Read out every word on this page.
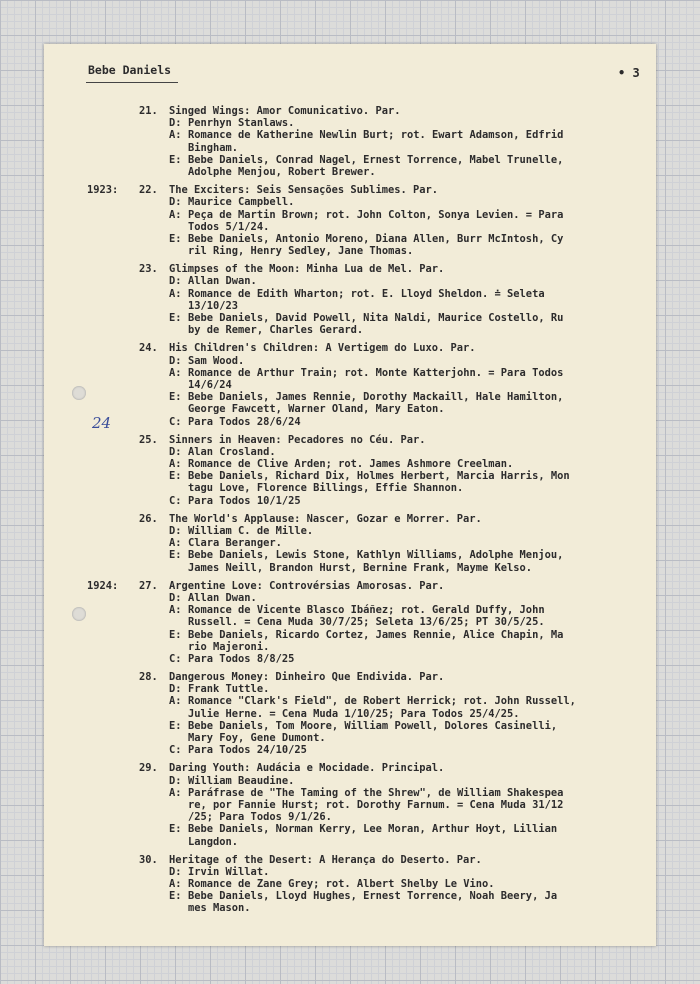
Bebe Daniels	• 3
21. Singed Wings: Amor Comunicativo. Par.
D: Penrhyn Stanlaws.
A: Romance de Katherine Newlin Burt; rot. Ewart Adamson, Edfrid
Bingham.
E: Bebe Daniels, Conrad Nagel, Ernest Torrence, Mabel Trunelle,
Adolphe Menjou, Robert Brewer.
1923: 22. The Exciters: Seis Sensações Sublimes. Par.
D: Maurice Campbell.
A: Peça de Martin Brown; rot. John Colton, Sonya Levien. = Para
Todos 5/1/24.
E: Bebe Daniels, Antonio Moreno, Diana Allen, Burr McIntosh, Cy
ril Ring, Henry Sedley, Jane Thomas.
23. Glimpses of the Moon: Minha Lua de Mel. Par.
D: Allan Dwan.
A: Romance de Edith Wharton; rot. E. Lloyd Sheldon. ≐ Seleta
13/10/23
E: Bebe Daniels, David Powell, Nita Naldi, Maurice Costello, Ru
by de Remer, Charles Gerard.
24. His Children's Children: A Vertigem do Luxo. Par.
D: Sam Wood.
A: Romance de Arthur Train; rot. Monte Katterjohn. = Para Todos
14/6/24
E: Bebe Daniels, James Rennie, Dorothy Mackaill, Hale Hamilton,
George Fawcett, Warner Oland, Mary Eaton.
C: Para Todos 28/6/24
25. Sinners in Heaven: Pecadores no Céu. Par.
D: Alan Crosland.
A: Romance de Clive Arden; rot. James Ashmore Creelman.
E: Bebe Daniels, Richard Dix, Holmes Herbert, Marcia Harris, Mon
tagu Love, Florence Billings, Effie Shannon.
C: Para Todos 10/1/25
26. The World's Applause: Nascer, Gozar e Morrer. Par.
D: William C. de Mille.
A: Clara Beranger.
E: Bebe Daniels, Lewis Stone, Kathlyn Williams, Adolphe Menjou,
James Neill, Brandon Hurst, Bernine Frank, Mayme Kelso.
1924: 27. Argentine Love: Controvérsias Amorosas. Par.
D: Allan Dwan.
A: Romance de Vicente Blasco Ibáñez; rot. Gerald Duffy, John
Russell. = Cena Muda 30/7/25; Seleta 13/6/25; PT 30/5/25.
E: Bebe Daniels, Ricardo Cortez, James Rennie, Alice Chapin, Ma
rio Majeroni.
C: Para Todos 8/8/25
28. Dangerous Money: Dinheiro Que Endivida. Par.
D: Frank Tuttle.
A: Romance "Clark's Field", de Robert Herrick; rot. John Russell,
Julie Herne. = Cena Muda 1/10/25; Para Todos 25/4/25.
E: Bebe Daniels, Tom Moore, William Powell, Dolores Casinelli,
Mary Foy, Gene Dumont.
C: Para Todos 24/10/25
29. Daring Youth: Audácia e Mocidade. Principal.
D: William Beaudine.
A: Paráfrase de "The Taming of the Shrew", de William Shakespea
re, por Fannie Hurst; rot. Dorothy Farnum. = Cena Muda 31/12
/25; Para Todos 9/1/26.
E: Bebe Daniels, Norman Kerry, Lee Moran, Arthur Hoyt, Lillian
Langdon.
30. Heritage of the Desert: A Herança do Deserto. Par.
D: Irvin Willat.
A: Romance de Zane Grey; rot. Albert Shelby Le Vino.
E: Bebe Daniels, Lloyd Hughes, Ernest Torrence, Noah Beery, Ja
mes Mason.
24
